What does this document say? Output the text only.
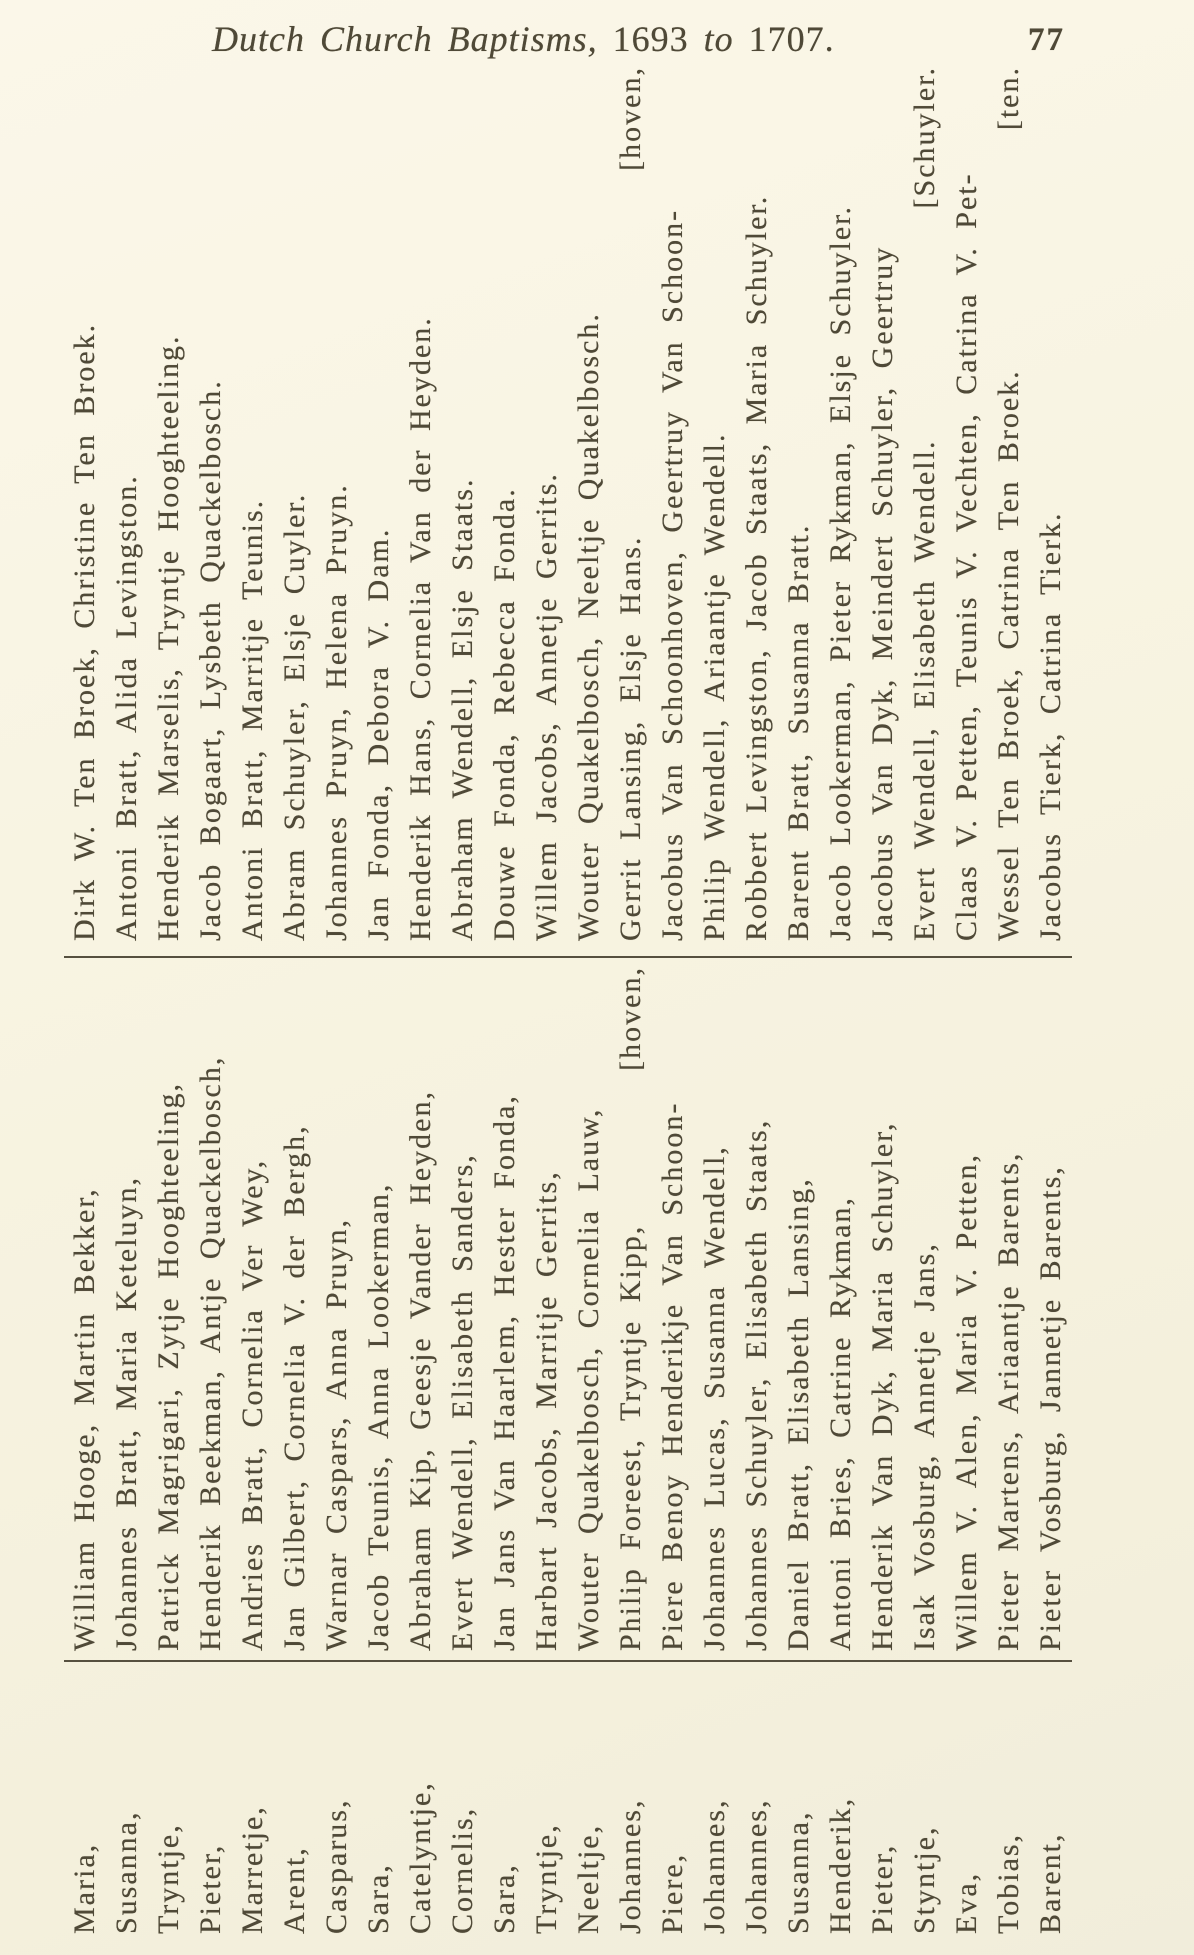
Dutch Church Baptisms, 1693 to 1707.	77
Maria,
William Hooge, Martin Bekker,
Dirk W. Ten Broek, Christine Ten Broek.
Susanna,
Johannes Bratt, Maria Keteluyn,
Antoni Bratt, Alida Levingston.
Tryntje,
Patrick Magrigari, Zytje Hooghteeling,
Henderik Marselis, Tryntje Hooghteeling.
Pieter,
Henderik Beekman, Antje Quackelbosch,
Jacob Bogaart, Lysbeth Quackelbosch.
Marretje,
Andries Bratt, Cornelia Ver Wey,
Antoni Bratt, Marritje Teunis.
Arent,
Jan Gilbert, Cornelia V. der Bergh,
Abram Schuyler, Elsje Cuyler.
Casparus,
Warnar Caspars, Anna Pruyn,
Johannes Pruyn, Helena Pruyn.
Sara,
Jacob Teunis, Anna Lookerman,
Jan Fonda, Debora V. Dam.
Catelyntje,
Abraham Kip, Geesje Vander Heyden,
Henderik Hans, Cornelia Van der Heyden.
Cornelis,
Evert Wendell, Elisabeth Sanders,
Abraham Wendell, Elsje Staats.
Sara,
Jan Jans Van Haarlem, Hester Fonda,
Douwe Fonda, Rebecca Fonda.
Tryntje,
Harbart Jacobs, Marritje Gerrits,
Willem Jacobs, Annetje Gerrits.
Neeltje,
Wouter Quakelbosch, Cornelia Lauw,
Wouter Quakelbosch, Neeltje Quakelbosch.
Johannes,
Philip Foreest, Tryntje Kipp,
[hoven,
Gerrit Lansing, Elsje Hans.
[hoven,
Piere,
Piere Benoy Henderikje Van Schoon-
Jacobus Van Schoonhoven, Geertruy Van Schoon-
Johannes,
Johannes Lucas, Susanna Wendell,
Philip Wendell, Ariaantje Wendell.
Johannes,
Johannes Schuyler, Elisabeth Staats,
Robbert Levingston, Jacob Staats, Maria Schuyler.
Susanna,
Daniel Bratt, Elisabeth Lansing,
Barent Bratt, Susanna Bratt.
Henderik,
Antoni Bries, Catrine Rykman,
Jacob Lookerman, Pieter Rykman, Elsje Schuyler.
Pieter,
Henderik Van Dyk, Maria Schuyler,
Jacobus Van Dyk, Meindert Schuyler, Geertruy
Styntje,
Isak Vosburg, Annetje Jans,
Evert Wendell, Elisabeth Wendell.
[Schuyler.
Eva,
Willem V. Alen, Maria V. Petten,
Claas V. Petten, Teunis V. Vechten, Catrina V. Pet-
Tobias,
Pieter Martens, Ariaantje Barents,
Wessel Ten Broek, Catrina Ten Broek.
[ten.
Barent,
Pieter Vosburg, Jannetje Barents,
Jacobus Tierk, Catrina Tierk.
